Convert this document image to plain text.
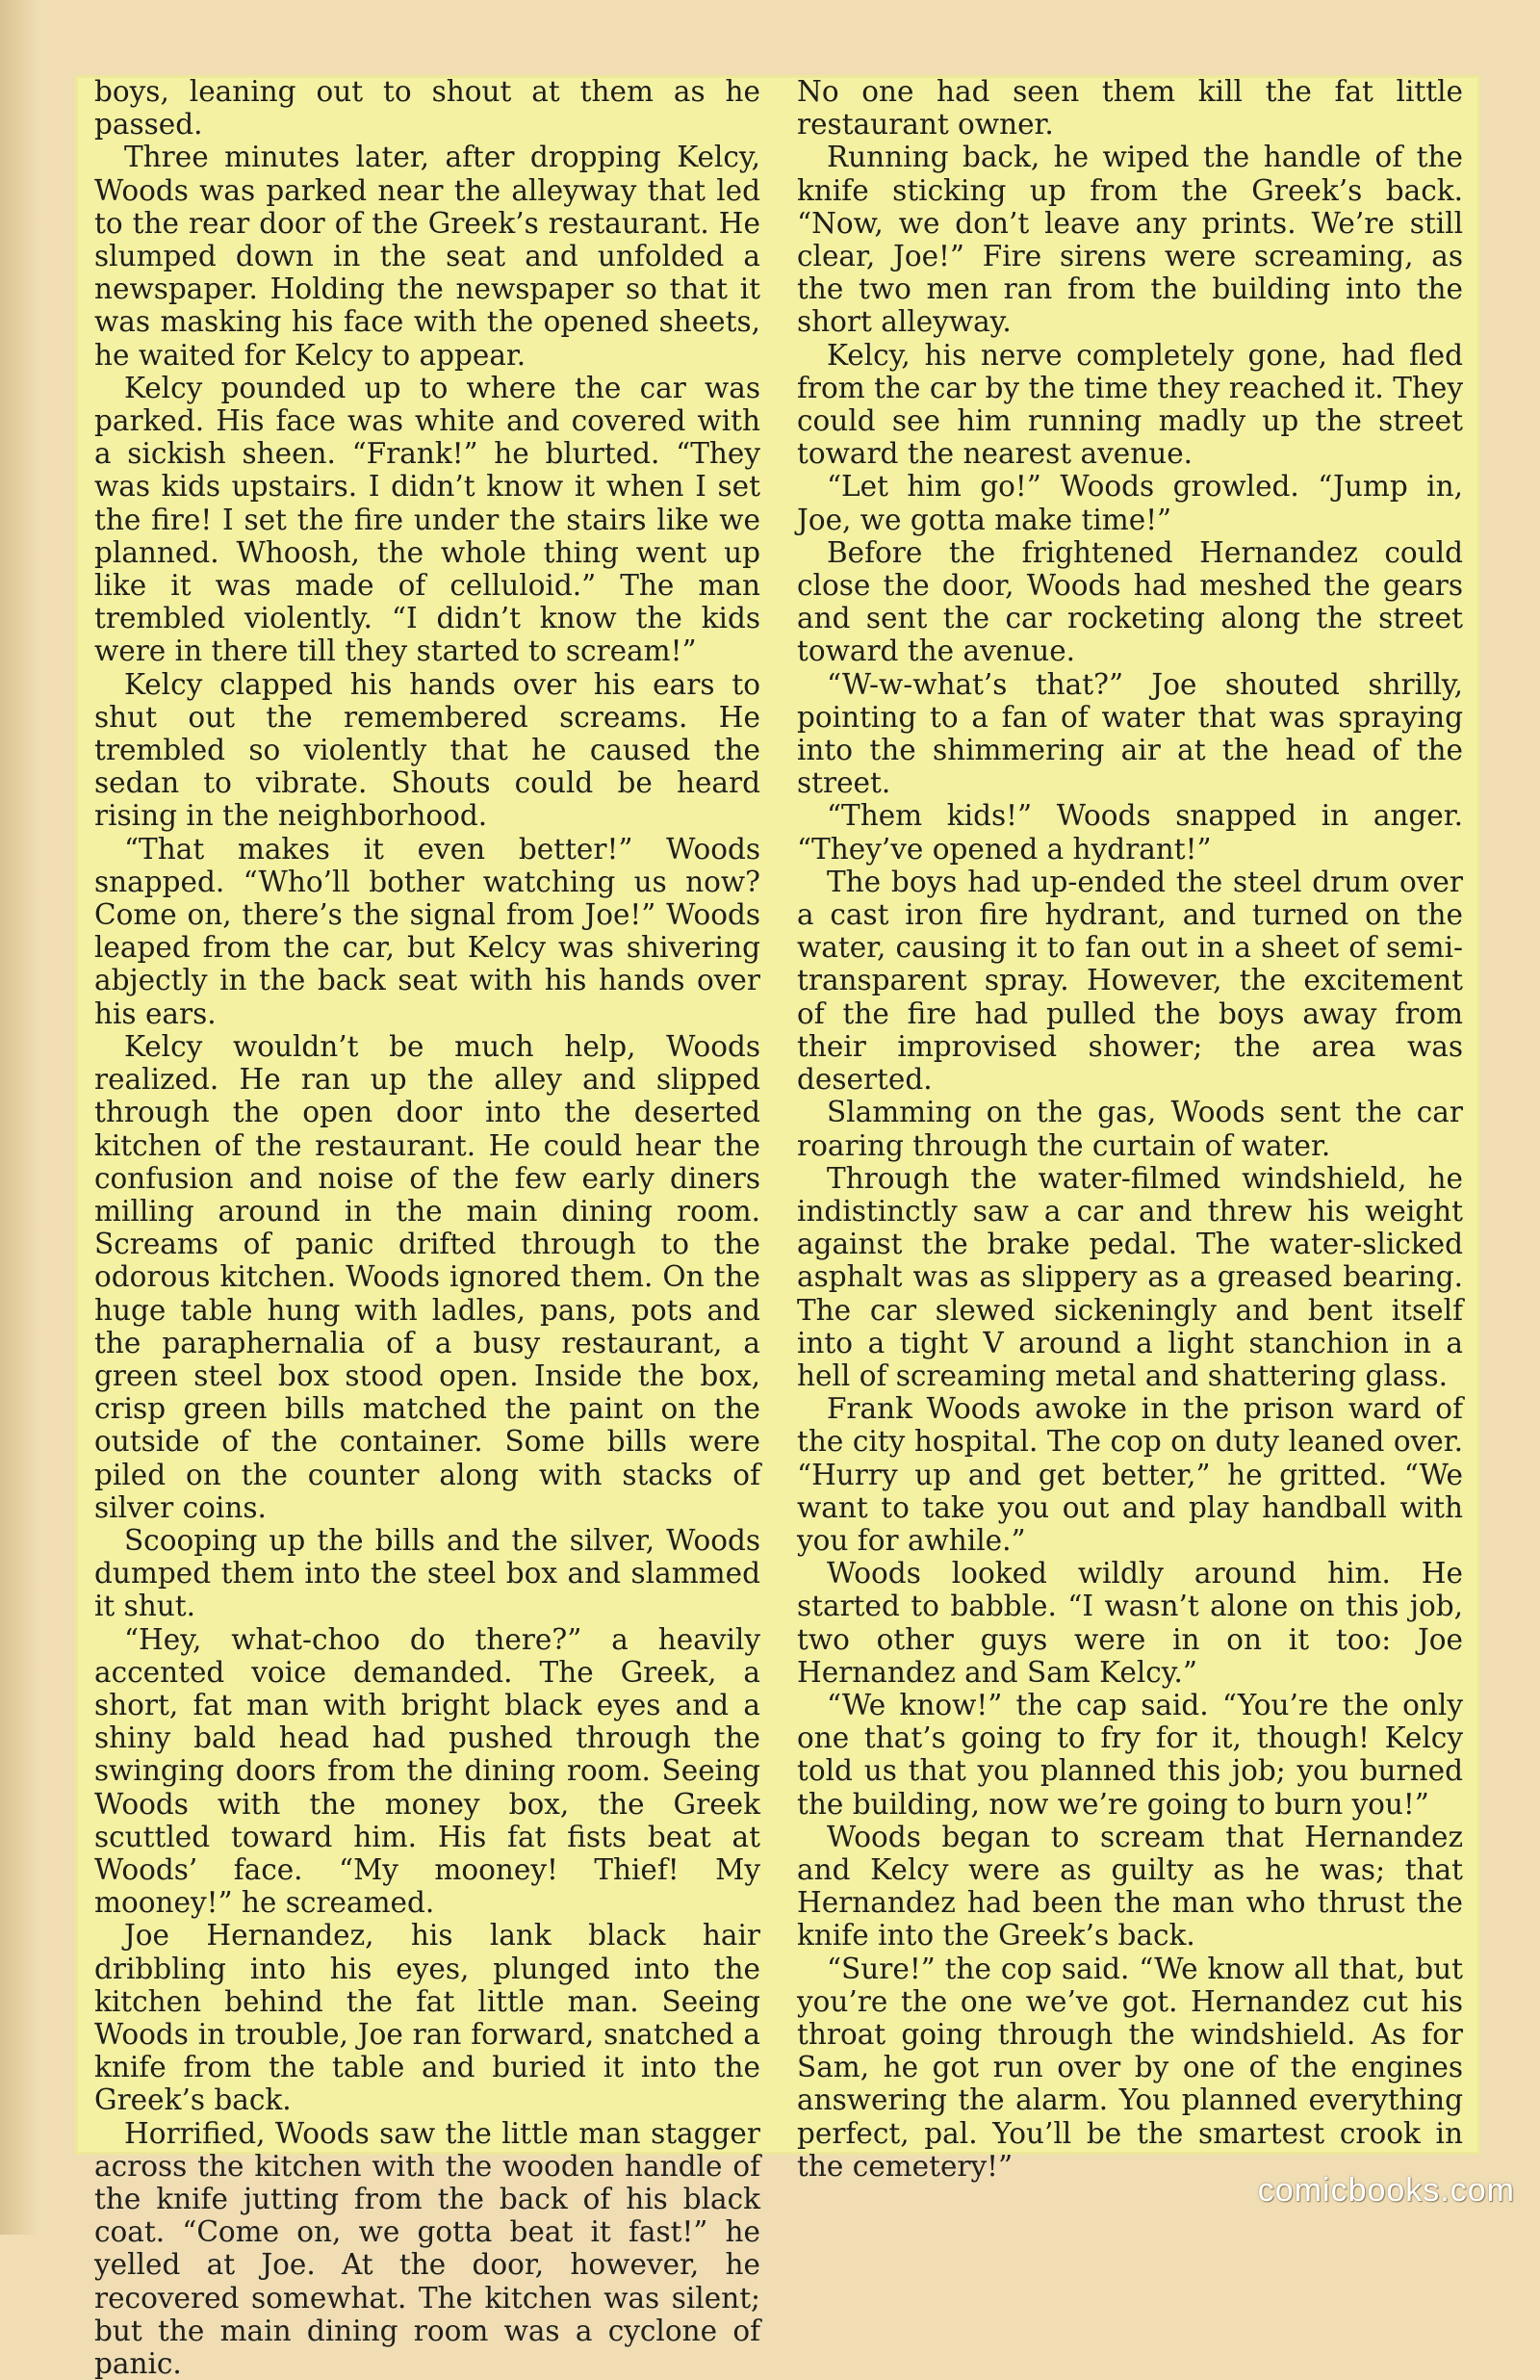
boys, leaning out to shout at them as he passed.

Three minutes later, after dropping Kelcy, Woods was parked near the alleyway that led to the rear door of the Greek’s restaurant. He slumped down in the seat and unfolded a newspaper. Holding the newspaper so that it was masking his face with the opened sheets, he waited for Kelcy to appear.

Kelcy pounded up to where the car was parked. His face was white and covered with a sickish sheen. “Frank!” he blurted. “They was kids upstairs. I didn’t know it when I set the fire! I set the fire under the stairs like we planned. Whoosh, the whole thing went up like it was made of celluloid.” The man trembled violently. “I didn’t know the kids were in there till they started to scream!”

Kelcy clapped his hands over his ears to shut out the remembered screams. He trembled so violently that he caused the sedan to vibrate. Shouts could be heard rising in the neighborhood.

“That makes it even better!” Woods snapped. “Who’ll bother watching us now? Come on, there’s the signal from Joe!” Woods leaped from the car, but Kelcy was shivering abjectly in the back seat with his hands over his ears.

Kelcy wouldn’t be much help, Woods realized. He ran up the alley and slipped through the open door into the deserted kitchen of the restaurant. He could hear the confusion and noise of the few early diners milling around in the main dining room. Screams of panic drifted through to the odorous kitchen. Woods ignored them. On the huge table hung with ladles, pans, pots and the paraphernalia of a busy restaurant, a green steel box stood open. Inside the box, crisp green bills matched the paint on the outside of the container. Some bills were piled on the counter along with stacks of silver coins.

Scooping up the bills and the silver, Woods dumped them into the steel box and slammed it shut.

“Hey, what-choo do there?” a heavily accented voice demanded. The Greek, a short, fat man with bright black eyes and a shiny bald head had pushed through the swinging doors from the dining room. Seeing Woods with the money box, the Greek scuttled toward him. His fat fists beat at Woods’ face. “My mooney! Thief! My mooney!” he screamed.

Joe Hernandez, his lank black hair dribbling into his eyes, plunged into the kitchen behind the fat little man. Seeing Woods in trouble, Joe ran forward, snatched a knife from the table and buried it into the Greek’s back.

Horrified, Woods saw the little man stagger across the kitchen with the wooden handle of the knife jutting from the back of his black coat. “Come on, we gotta beat it fast!” he yelled at Joe. At the door, however, he recovered somewhat. The kitchen was silent; but the main dining room was a cyclone of panic.

No one had seen them kill the fat little restaurant owner.

Running back, he wiped the handle of the knife sticking up from the Greek’s back. “Now, we don’t leave any prints. We’re still clear, Joe!” Fire sirens were screaming, as the two men ran from the building into the short alleyway.

Kelcy, his nerve completely gone, had fled from the car by the time they reached it. They could see him running madly up the street toward the nearest avenue.

“Let him go!” Woods growled. “Jump in, Joe, we gotta make time!”

Before the frightened Hernandez could close the door, Woods had meshed the gears and sent the car rocketing along the street toward the avenue.

“W-w-what’s that?” Joe shouted shrilly, pointing to a fan of water that was spraying into the shimmering air at the head of the street.

“Them kids!” Woods snapped in anger. “They’ve opened a hydrant!”

The boys had up-ended the steel drum over a cast iron fire hydrant, and turned on the water, causing it to fan out in a sheet of semi-transparent spray. However, the excitement of the fire had pulled the boys away from their improvised shower; the area was deserted.

Slamming on the gas, Woods sent the car roaring through the curtain of water.

Through the water-filmed windshield, he indistinctly saw a car and threw his weight against the brake pedal. The water-slicked asphalt was as slippery as a greased bearing. The car slewed sickeningly and bent itself into a tight V around a light stanchion in a hell of screaming metal and shattering glass.

Frank Woods awoke in the prison ward of the city hospital. The cop on duty leaned over. “Hurry up and get better,” he gritted. “We want to take you out and play handball with you for awhile.”

Woods looked wildly around him. He started to babble. “I wasn’t alone on this job, two other guys were in on it too: Joe Hernandez and Sam Kelcy.”

“We know!” the cap said. “You’re the only one that’s going to fry for it, though! Kelcy told us that you planned this job; you burned the building, now we’re going to burn you!”

Woods began to scream that Hernandez and Kelcy were as guilty as he was; that Hernandez had been the man who thrust the knife into the Greek’s back.

“Sure!” the cop said. “We know all that, but you’re the one we’ve got. Hernandez cut his throat going through the windshield. As for Sam, he got run over by one of the engines answering the alarm. You planned everything perfect, pal. You’ll be the smartest crook in the cemetery!”

comicbooks.com
